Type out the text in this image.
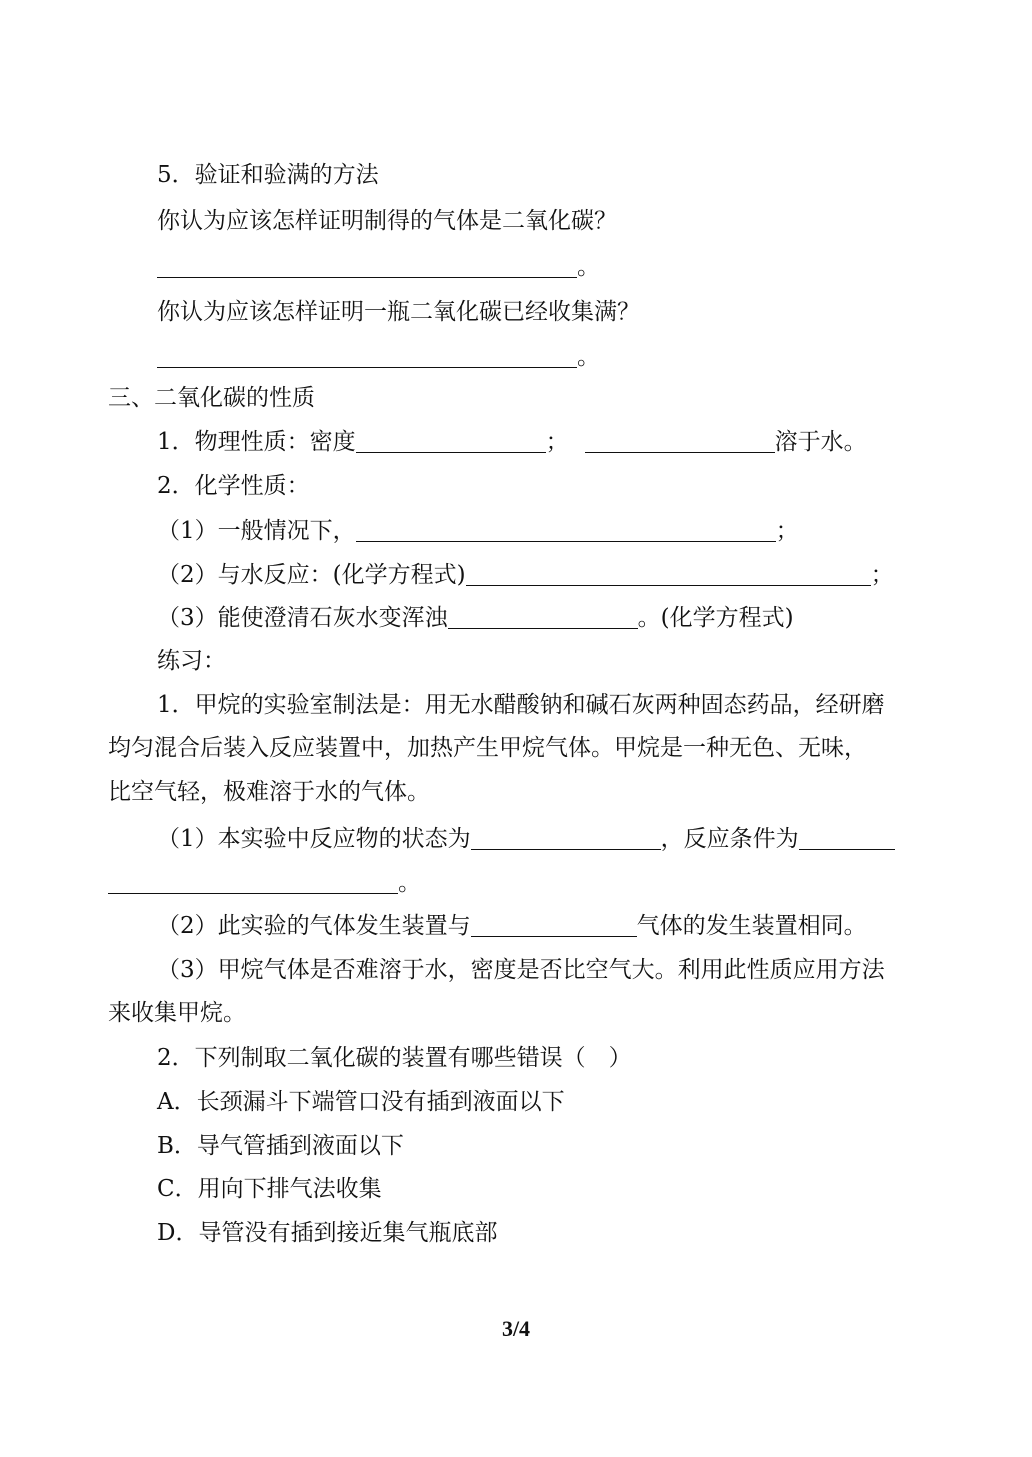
5．验证和验满的方法
你认为应该怎样证明制得的气体是二氧化碳？
。
你认为应该怎样证明一瓶二氧化碳已经收集满？
。
三、二氧化碳的性质
1．物理性质：密度	；	溶于水。
2．化学性质：
（1）一般情况下，	；
（2）与水反应：(化学方程式)	；
（3）能使澄清石灰水变浑浊	。(化学方程式)
练习：
1．甲烷的实验室制法是：用无水醋酸钠和碱石灰两种固态药品，经研磨
均匀混合后装入反应装置中，加热产生甲烷气体。甲烷是一种无色、无味，
比空气轻，极难溶于水的气体。
（1）本实验中反应物的状态为	，反应条件为
。
（2）此实验的气体发生装置与	气体的发生装置相同。
（3）甲烷气体是否难溶于水，密度是否比空气大。利用此性质应用方法
来收集甲烷。
2．下列制取二氧化碳的装置有哪些错误（　）
A．长颈漏斗下端管口没有插到液面以下
B．导气管插到液面以下
C．用向下排气法收集
D．导管没有插到接近集气瓶底部
3/4
